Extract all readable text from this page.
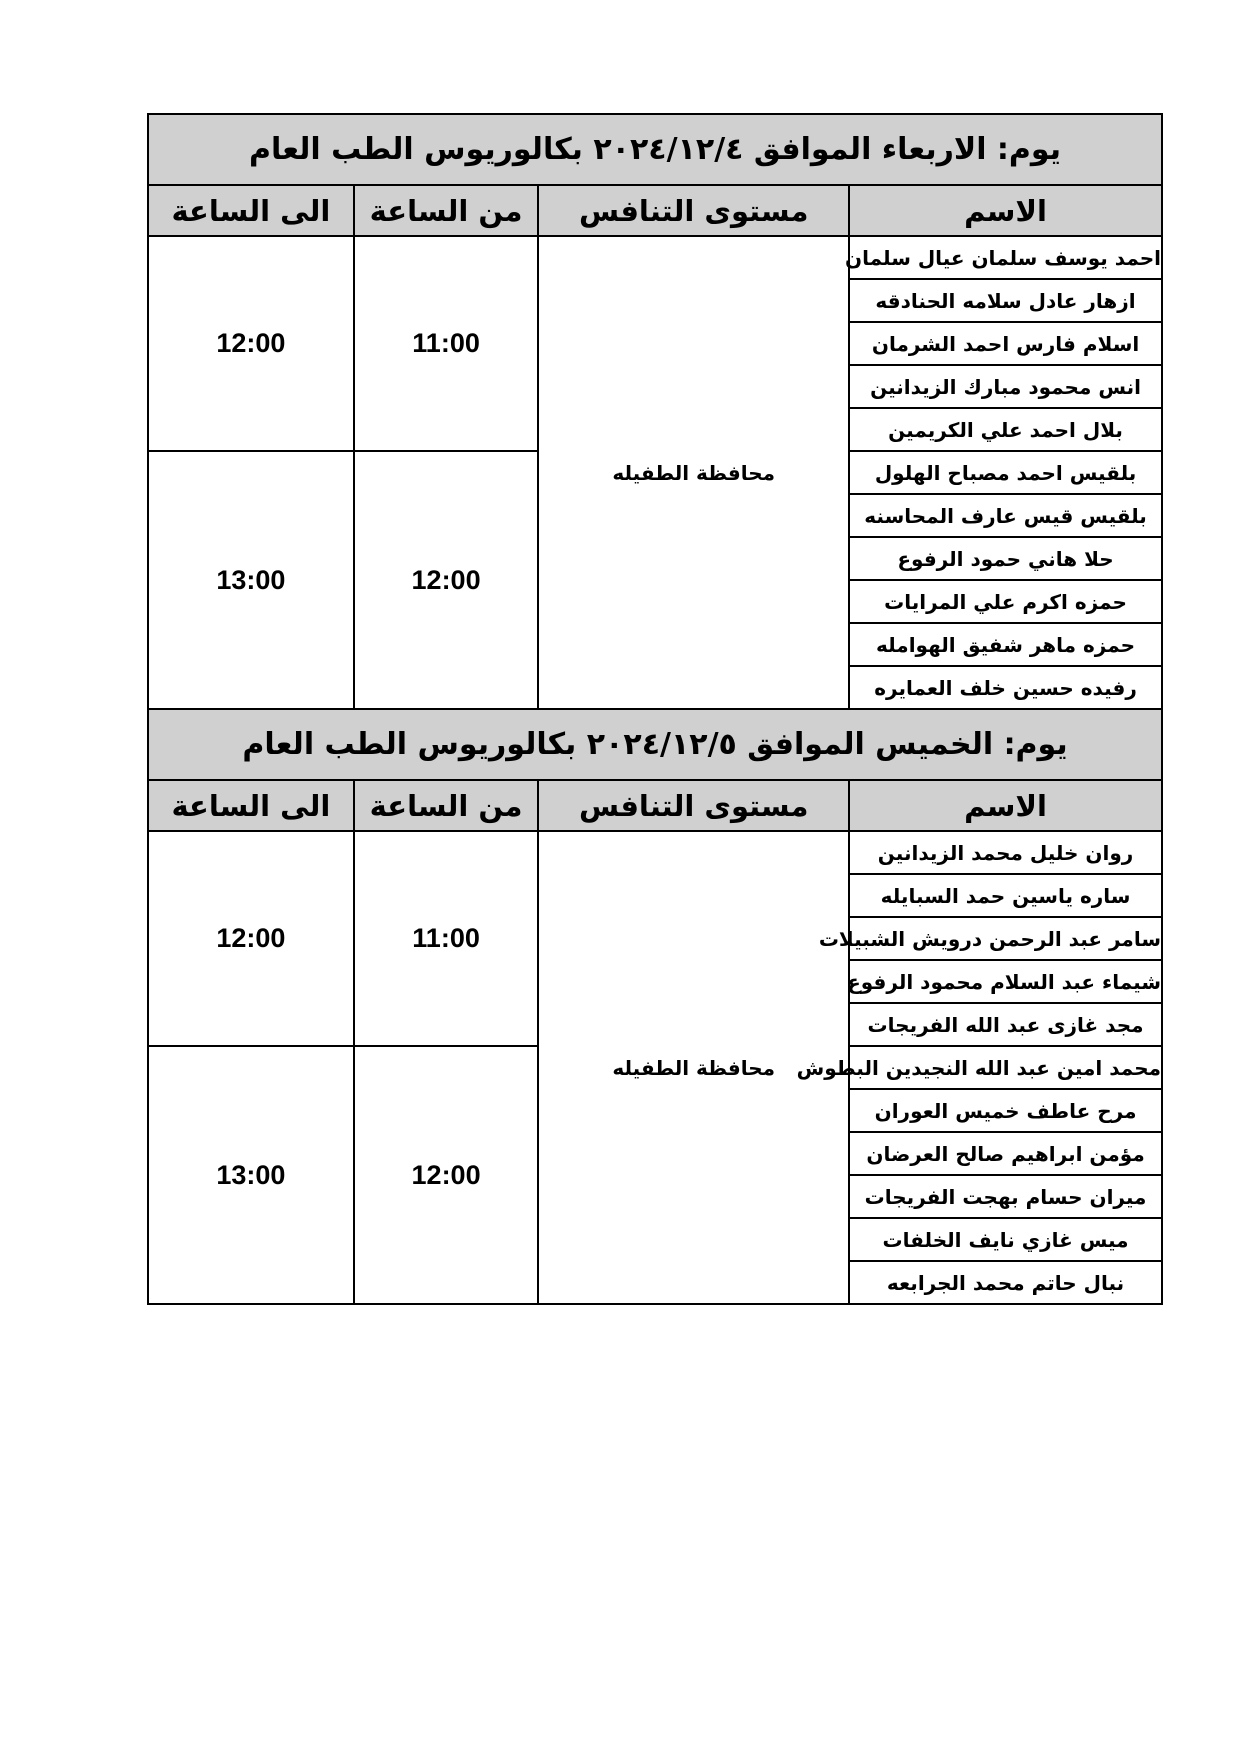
يوم: الاربعاء الموافق ٢٠٢٤/١٢/٤ بكالوريوس الطب العام			
الاسم	مستوى التنافس	من الساعة	الى الساعة
احمد يوسف سلمان عيال سلمان	محافظة الطفيله	11:00	12:00
ازهار عادل سلامه الحنادقه			
اسلام فارس احمد الشرمان			
انس محمود مبارك الزيدانين			
بلال احمد علي الكريمين			
بلقيس احمد مصباح الهلول		12:00	13:00
بلقيس قيس عارف المحاسنه			
حلا هاني حمود الرفوع			
حمزه اكرم علي المرايات			
حمزه ماهر شفيق الهوامله			
رفيده حسين خلف العمايره			
يوم: الخميس الموافق ٢٠٢٤/١٢/٥ بكالوريوس الطب العام			
الاسم	مستوى التنافس	من الساعة	الى الساعة
روان خليل محمد الزيدانين	محافظة الطفيله	11:00	12:00
ساره ياسين حمد السبايله			
سامر عبد الرحمن درويش الشبيلات			
شيماء عبد السلام محمود الرفوع			
مجد غازى عبد الله الفريجات			
محمد امين عبد الله النجيدين البطوش		12:00	13:00
مرح عاطف خميس العوران			
مؤمن ابراهيم صالح العرضان			
ميران حسام بهجت الفريجات			
ميس غازي نايف الخلفات			
نبال حاتم محمد الجرابعه			
